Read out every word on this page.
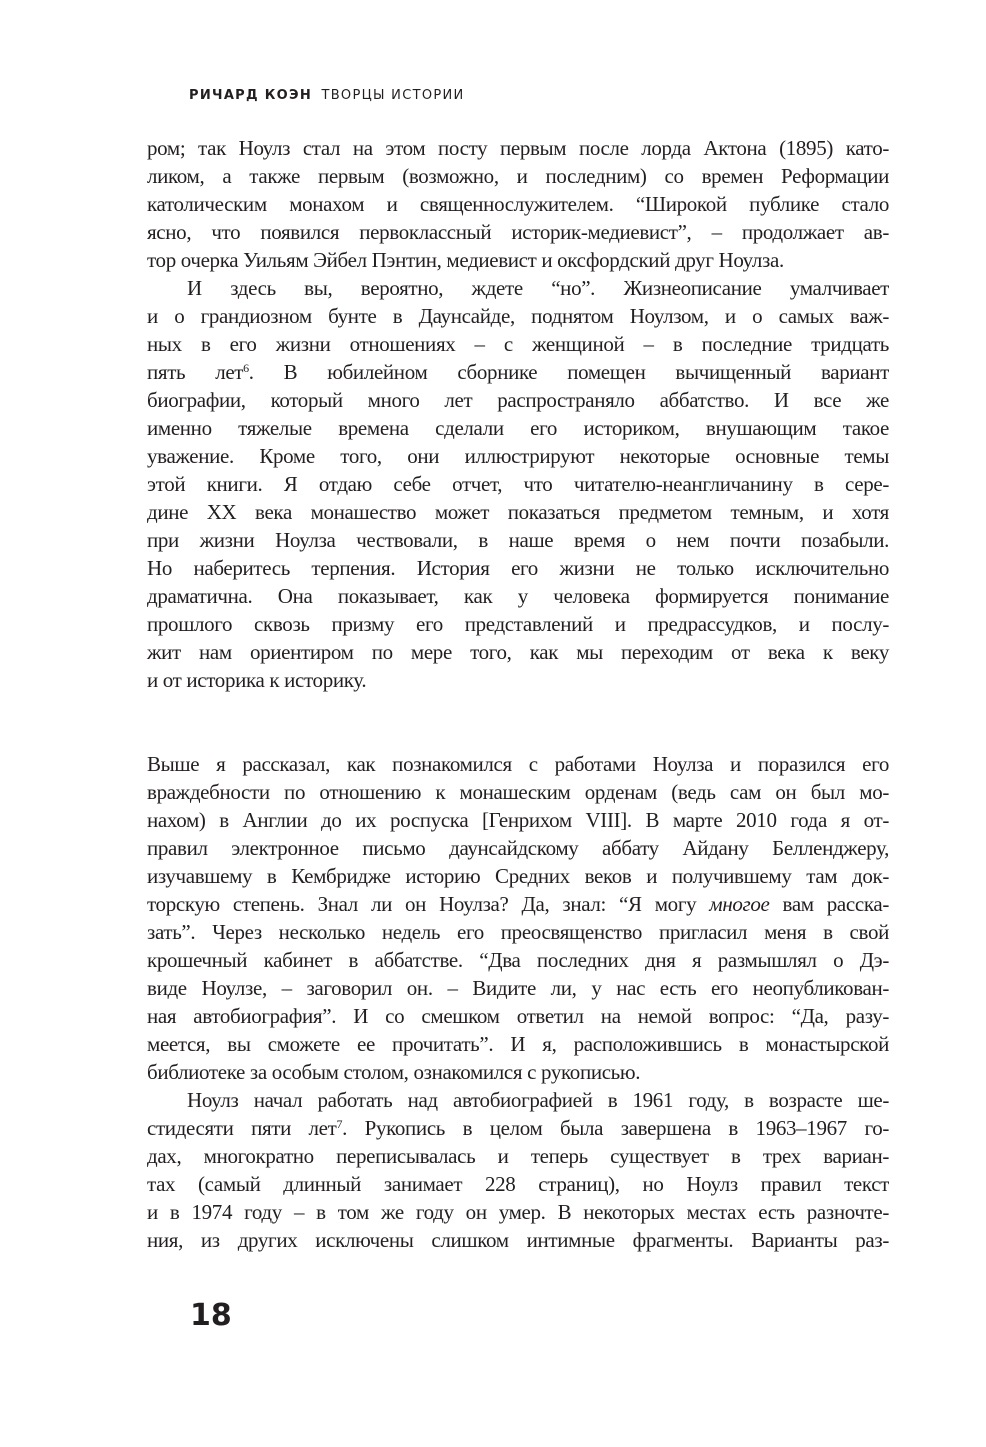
РИЧАРД КОЭН ТВОРЦЫ ИСТОРИИ
ром; так Ноулз стал на этом посту первым после лорда Актона (1895) като-
ликом, а также первым (возможно, и последним) со времен Реформации
католическим монахом и священнослужителем. “Широкой публике стало
ясно, что появился первоклассный историк-медиевист”, – продолжает ав-
тор очерка Уильям Эйбел Пэнтин, медиевист и оксфордский друг Ноулза.
И здесь вы, вероятно, ждете “но”. Жизнеописание умалчивает
и о грандиозном бунте в Даунсайде, поднятом Ноулзом, и о самых важ-
ных в его жизни отношениях – с женщиной – в последние тридцать
пять лет$^6$. В юбилейном сборнике помещен вычищенный вариант
биографии, который много лет распространяло аббатство. И все же
именно тяжелые времена сделали его историком, внушающим такое
уважение. Кроме того, они иллюстрируют некоторые основные темы
этой книги. Я отдаю себе отчет, что читателю-неангличанину в сере-
дине XX века монашество может показаться предметом темным, и хотя
при жизни Ноулза чествовали, в наше время о нем почти позабыли.
Но наберитесь терпения. История его жизни не только исключительно
драматична. Она показывает, как у человека формируется понимание
прошлого сквозь призму его представлений и предрассудков, и послу-
жит нам ориентиром по мере того, как мы переходим от века к веку
и от историка к историку.
Выше я рассказал, как познакомился с работами Ноулза и поразился его
враждебности по отношению к монашеским орденам (ведь сам он был мо-
нахом) в Англии до их роспуска [Генрихом VIII]. В марте 2010 года я от-
правил электронное письмо даунсайдскому аббату Айдану Белленджеру,
изучавшему в Кембридже историю Средних веков и получившему там док-
торскую степень. Знал ли он Ноулза? Да, знал: “Я могу многое вам расска-
зать”. Через несколько недель его преосвященство пригласил меня в свой
крошечный кабинет в аббатстве. “Два последних дня я размышлял о Дэ-
виде Ноулзе, – заговорил он. – Видите ли, у нас есть его неопубликован-
ная автобиография”. И со смешком ответил на немой вопрос: “Да, разу-
меется, вы сможете ее прочитать”. И я, расположившись в монастырской
библиотеке за особым столом, ознакомился с рукописью.
Ноулз начал работать над автобиографией в 1961 году, в возрасте ше-
стидесяти пяти лет$^7$. Рукопись в целом была завершена в 1963–1967 го-
дах, многократно переписывалась и теперь существует в трех вариан-
тах (самый длинный занимает 228 страниц), но Ноулз правил текст
и в 1974 году – в том же году он умер. В некоторых местах есть разночте-
ния, из других исключены слишком интимные фрагменты. Варианты раз-
18
